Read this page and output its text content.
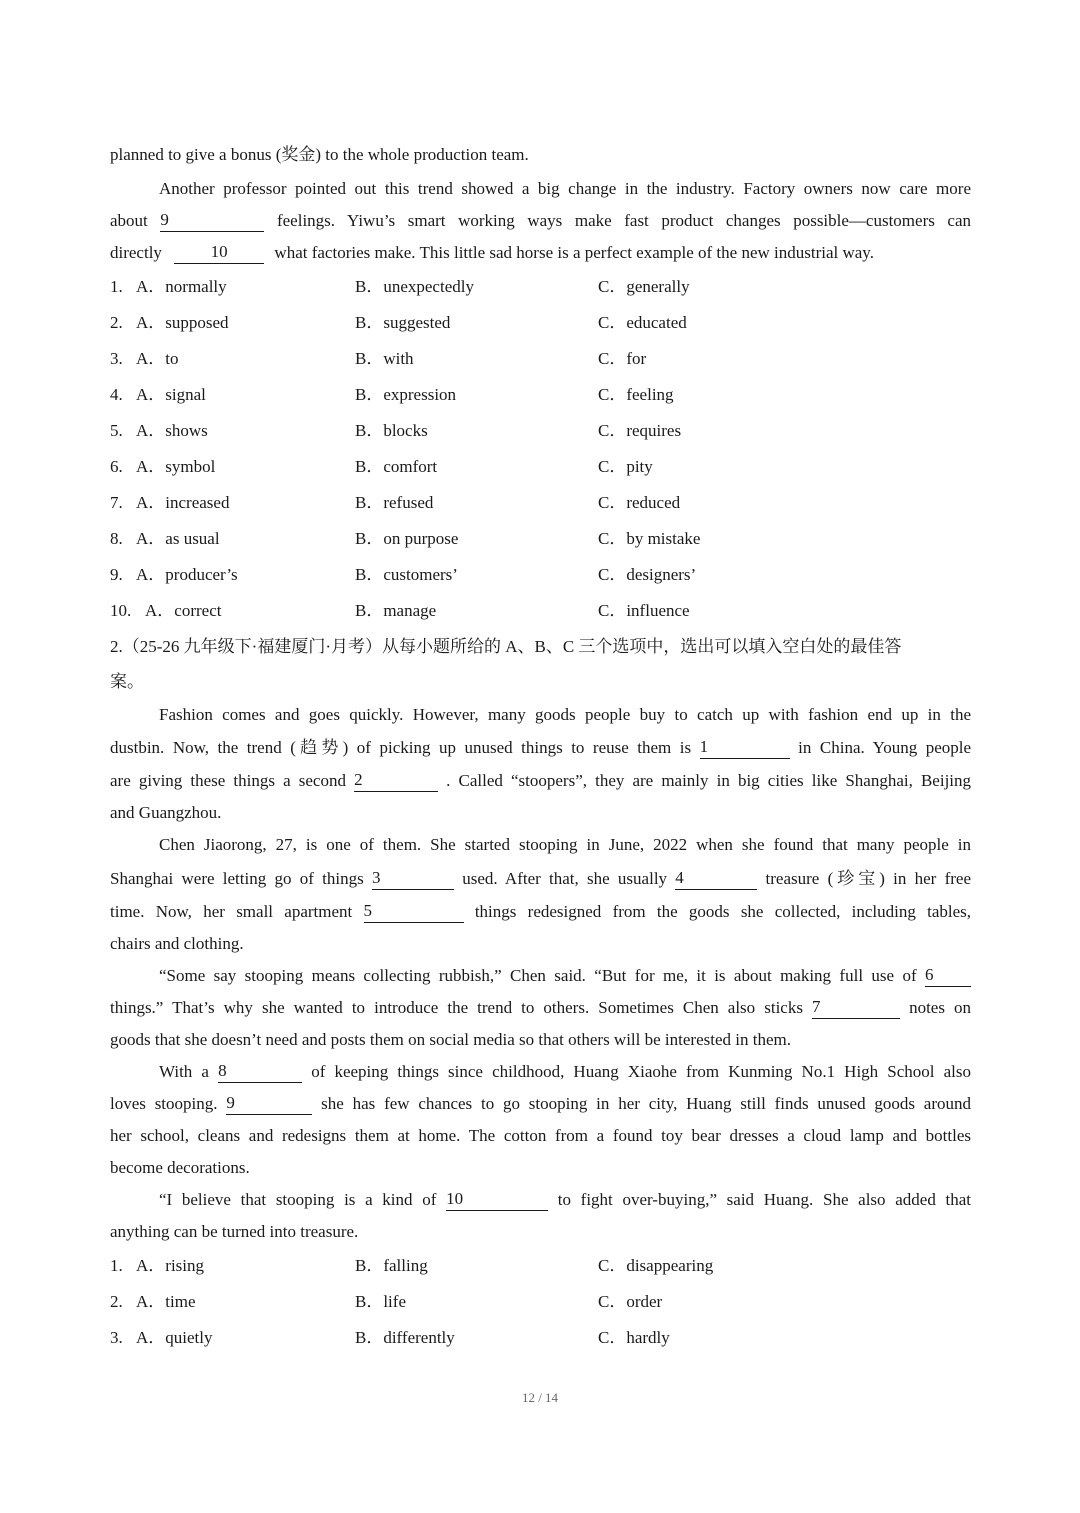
planned to give a bonus (奖金) to the whole production team.
Another professor pointed out this trend showed a big change in the industry. Factory owners now care more
about 9	feelings. Yiwu’s smart working ways make fast product changes possible—customers can
directly	10	what factories make. This little sad horse is a perfect example of the new industrial way.
1. A．normally	B．unexpectedly	C．generally
2. A．supposed	B．suggested	C．educated
3. A．to	B．with	C．for
4. A．signal	B．expression	C．feeling
5. A．shows	B．blocks	C．requires
6. A．symbol	B．comfort	C．pity
7. A．increased	B．refused	C．reduced
8. A．as usual	B．on purpose	C．by mistake
9. A．producer’s	B．customers’	C．designers’
10. A．correct	B．manage	C．influence
2.（25-26 九年级下·福建厦门·月考）从每小题所给的 A、B、C 三个选项中，选出可以填入空白处的最佳答
案。
Fashion comes and goes quickly. However, many goods people buy to catch up with fashion end up in the
dustbin. Now, the trend (趋势) of picking up unused things to reuse them is 1	in China. Young people
are giving these things a second 2	. Called “stoopers”, they are mainly in big cities like Shanghai, Beijing
and Guangzhou.
Chen Jiaorong, 27, is one of them. She started stooping in June, 2022 when she found that many people in
Shanghai were letting go of things 3	used. After that, she usually 4	treasure (珍宝) in her free
time. Now, her small apartment 5	things redesigned from the goods she collected, including tables,
chairs and clothing.
“Some say stooping means collecting rubbish,” Chen said. “But for me, it is about making full use of 6
things.” That’s why she wanted to introduce the trend to others. Sometimes Chen also sticks 7	notes on
goods that she doesn’t need and posts them on social media so that others will be interested in them.
With a 8	of keeping things since childhood, Huang Xiaohe from Kunming No.1 High School also
loves stooping. 9	she has few chances to go stooping in her city, Huang still finds unused goods around
her school, cleans and redesigns them at home. The cotton from a found toy bear dresses a cloud lamp and bottles
become decorations.
“I believe that stooping is a kind of 10	to fight over-buying,” said Huang. She also added that
anything can be turned into treasure.
1. A．rising	B．falling	C．disappearing
2. A．time	B．life	C．order
3. A．quietly	B．differently	C．hardly
12 / 14
